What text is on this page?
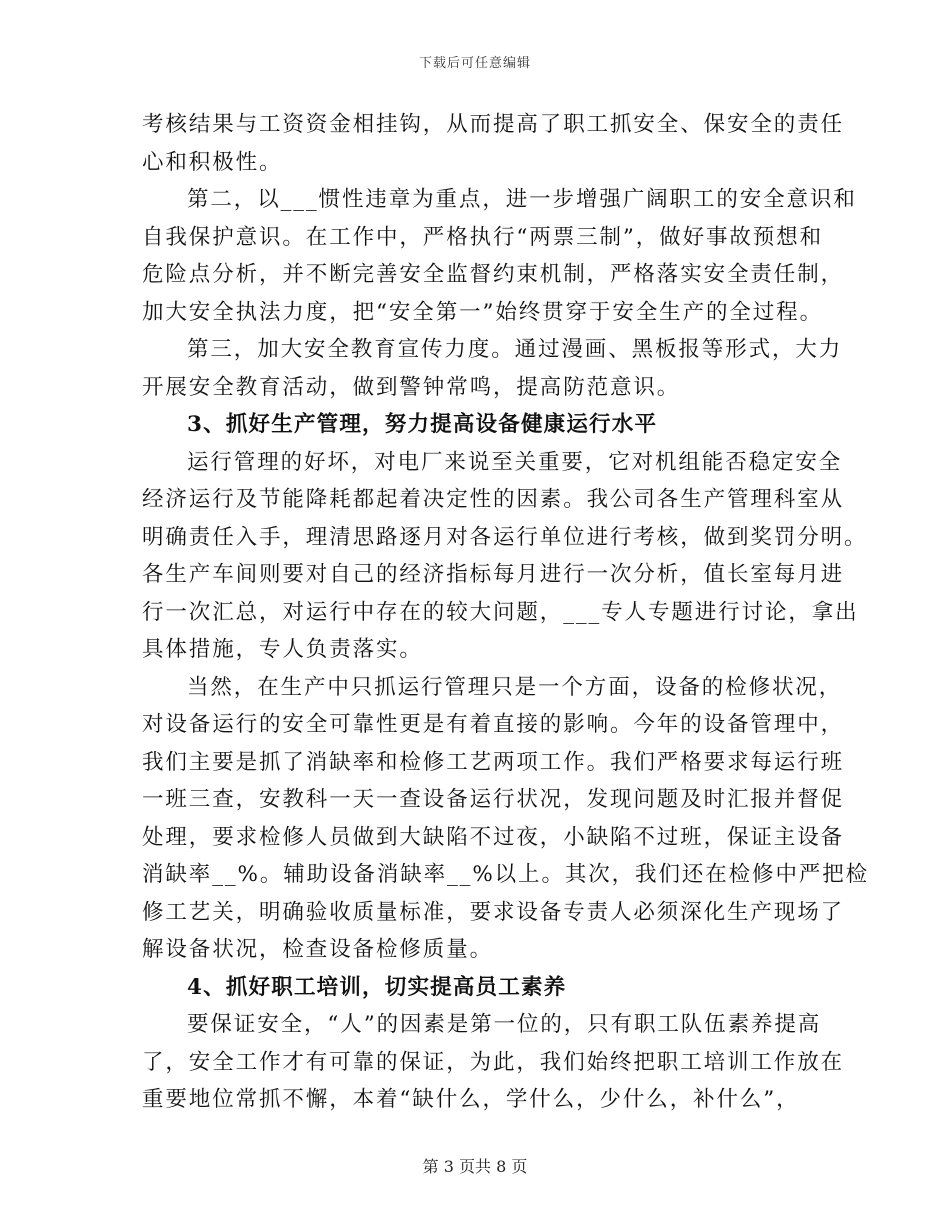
下载后可任意编辑
考核结果与工资资金相挂钩，从而提高了职工抓安全、保安全的责任
心和积极性。
第二，以___惯性违章为重点，进一步增强广阔职工的安全意识和
自我保护意识。在工作中，严格执行“两票三制”，做好事故预想和
危险点分析，并不断完善安全监督约束机制，严格落实安全责任制，
加大安全执法力度，把“安全第一”始终贯穿于安全生产的全过程。
第三，加大安全教育宣传力度。通过漫画、黑板报等形式，大力
开展安全教育活动，做到警钟常鸣，提高防范意识。
3、抓好生产管理，努力提高设备健康运行水平
运行管理的好坏，对电厂来说至关重要，它对机组能否稳定安全
经济运行及节能降耗都起着决定性的因素。我公司各生产管理科室从
明确责任入手，理清思路逐月对各运行单位进行考核，做到奖罚分明。
各生产车间则要对自己的经济指标每月进行一次分析，值长室每月进
行一次汇总，对运行中存在的较大问题，___专人专题进行讨论，拿出
具体措施，专人负责落实。
当然，在生产中只抓运行管理只是一个方面，设备的检修状况，
对设备运行的安全可靠性更是有着直接的影响。今年的设备管理中，
我们主要是抓了消缺率和检修工艺两项工作。我们严格要求每运行班
一班三查，安教科一天一查设备运行状况，发现问题及时汇报并督促
处理，要求检修人员做到大缺陷不过夜，小缺陷不过班，保证主设备
消缺率__%。辅助设备消缺率__%以上。其次，我们还在检修中严把检
修工艺关，明确验收质量标准，要求设备专责人必须深化生产现场了
解设备状况，检查设备检修质量。
4、抓好职工培训，切实提高员工素养
要保证安全，“人”的因素是第一位的，只有职工队伍素养提高
了，安全工作才有可靠的保证，为此，我们始终把职工培训工作放在
重要地位常抓不懈，本着“缺什么，学什么，少什么，补什么”，
第 3 页共 8 页
